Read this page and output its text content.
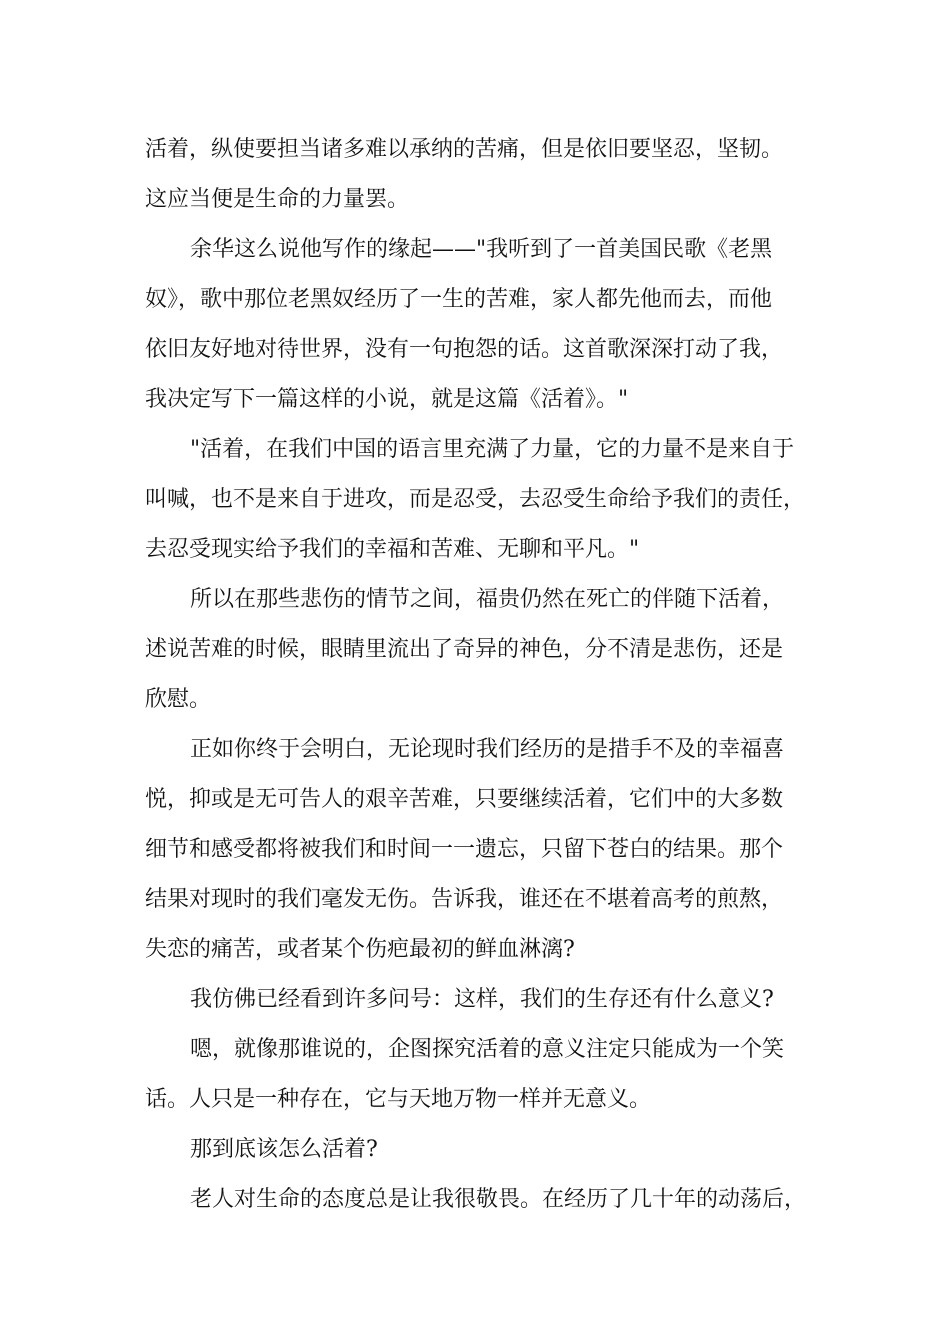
活着，纵使要担当诸多难以承纳的苦痛，但是依旧要坚忍，坚韧。
这应当便是生命的力量罢。
余华这么说他写作的缘起——"我听到了一首美国民歌《老黑
奴》，歌中那位老黑奴经历了一生的苦难，家人都先他而去，而他
依旧友好地对待世界，没有一句抱怨的话。这首歌深深打动了我，
我决定写下一篇这样的小说，就是这篇《活着》。"
"活着，在我们中国的语言里充满了力量，它的力量不是来自于
叫喊，也不是来自于进攻，而是忍受，去忍受生命给予我们的责任，
去忍受现实给予我们的幸福和苦难、无聊和平凡。"
所以在那些悲伤的情节之间，福贵仍然在死亡的伴随下活着，
述说苦难的时候，眼睛里流出了奇异的神色，分不清是悲伤，还是
欣慰。
正如你终于会明白，无论现时我们经历的是措手不及的幸福喜
悦，抑或是无可告人的艰辛苦难，只要继续活着，它们中的大多数
细节和感受都将被我们和时间一一遗忘，只留下苍白的结果。那个
结果对现时的我们毫发无伤。告诉我，谁还在不堪着高考的煎熬，
失恋的痛苦，或者某个伤疤最初的鲜血淋漓?
我仿佛已经看到许多问号：这样，我们的生存还有什么意义?
嗯，就像那谁说的，企图探究活着的意义注定只能成为一个笑
话。人只是一种存在，它与天地万物一样并无意义。
那到底该怎么活着?
老人对生命的态度总是让我很敬畏。在经历了几十年的动荡后，
